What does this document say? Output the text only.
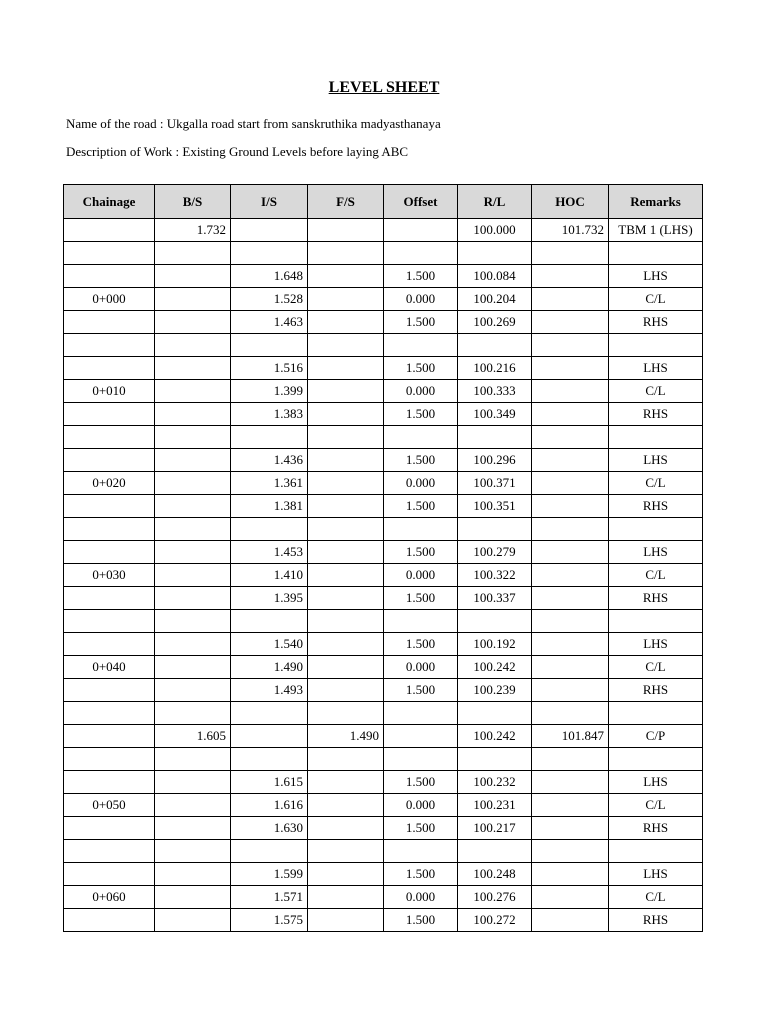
LEVEL SHEET
Name of the road : Ukgalla road start from sanskruthika madyasthanaya
Description of Work : Existing Ground Levels before laying ABC
Chainage	B/S	I/S	F/S	Offset	R/L	HOC	Remarks
	1.732				100.000	101.732	TBM 1 (LHS)

		1.648		1.500	100.084		LHS
0+000		1.528		0.000	100.204		C/L
		1.463		1.500	100.269		RHS

		1.516		1.500	100.216		LHS
0+010		1.399		0.000	100.333		C/L
		1.383		1.500	100.349		RHS

		1.436		1.500	100.296		LHS
0+020		1.361		0.000	100.371		C/L
		1.381		1.500	100.351		RHS

		1.453		1.500	100.279		LHS
0+030		1.410		0.000	100.322		C/L
		1.395		1.500	100.337		RHS

		1.540		1.500	100.192		LHS
0+040		1.490		0.000	100.242		C/L
		1.493		1.500	100.239		RHS

	1.605		1.490		100.242	101.847	C/P

		1.615		1.500	100.232		LHS
0+050		1.616		0.000	100.231		C/L
		1.630		1.500	100.217		RHS

		1.599		1.500	100.248		LHS
0+060		1.571		0.000	100.276		C/L
		1.575		1.500	100.272		RHS
